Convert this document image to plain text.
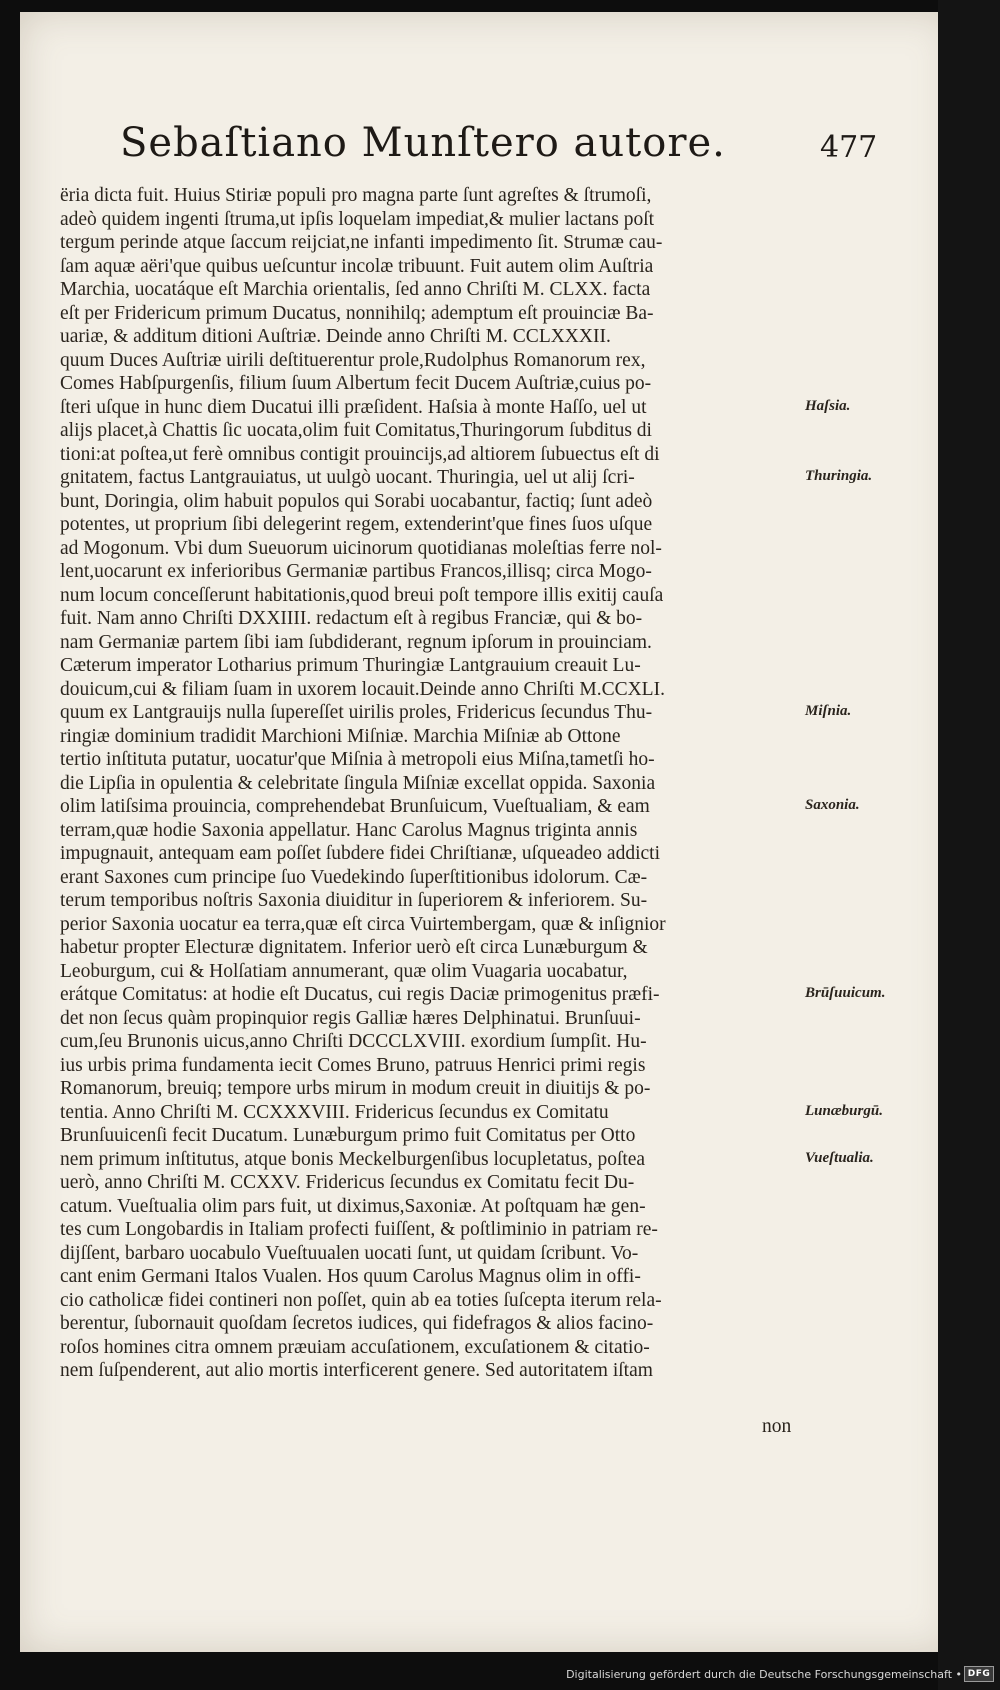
Sebaſtiano Munſtero autore.	477
ëria dicta fuit. Huius Stiriæ populi pro magna parte ſunt agreſtes & ſtrumoſi,
adeò quidem ingenti ſtruma,ut ipſis loquelam impediat,& mulier lactans poſt
tergum perinde atque ſaccum reijciat,ne infanti impedimento ſit. Strumæ cau-
ſam aquæ aëri'que quibus ueſcuntur incolæ tribuunt. Fuit autem olim Auſtria
Marchia, uocatáque eſt Marchia orientalis, ſed anno Chriſti M. CLXX. facta
eſt per Fridericum primum Ducatus, nonnihilq; ademptum eſt prouinciæ Ba-
uariæ, & additum ditioni Auſtriæ. Deinde anno Chriſti M. CCLXXXII.
quum Duces Auſtriæ uirili deſtituerentur prole,Rudolphus Romanorum rex,
Comes Habſpurgenſis, filium ſuum Albertum fecit Ducem Auſtriæ,cuius po-
ſteri uſque in hunc diem Ducatui illi præſident. Haſsia à monte Haſſo, uel ut
alijs placet,à Chattis ſic uocata,olim fuit Comitatus,Thuringorum ſubditus di
tioni:at poſtea,ut ferè omnibus contigit prouincijs,ad altiorem ſubuectus eſt di
gnitatem, factus Lantgrauiatus, ut uulgò uocant. Thuringia, uel ut alij ſcri-
bunt, Doringia, olim habuit populos qui Sorabi uocabantur, factiq; ſunt adeò
potentes, ut proprium ſibi delegerint regem, extenderint'que fines ſuos uſque
ad Mogonum. Vbi dum Sueuorum uicinorum quotidianas moleſtias ferre nol-
lent,uocarunt ex inferioribus Germaniæ partibus Francos,illisq; circa Mogo-
num locum conceſſerunt habitationis,quod breui poſt tempore illis exitij cauſa
fuit. Nam anno Chriſti DXXIIII. redactum eſt à regibus Franciæ, qui & bo-
nam Germaniæ partem ſibi iam ſubdiderant, regnum ipſorum in prouinciam.
Cæterum imperator Lotharius primum Thuringiæ Lantgrauium creauit Lu-
douicum,cui & filiam ſuam in uxorem locauit.Deinde anno Chriſti M.CCXLI.
quum ex Lantgrauijs nulla ſupereſſet uirilis proles, Fridericus ſecundus Thu-
ringiæ dominium tradidit Marchioni Miſniæ. Marchia Miſniæ ab Ottone
tertio inſtituta putatur, uocatur'que Miſnia à metropoli eius Miſna,tametſi ho-
die Lipſia in opulentia & celebritate ſingula Miſniæ excellat oppida. Saxonia
olim latiſsima prouincia, comprehendebat Brunſuicum, Vueſtualiam, & eam
terram,quæ hodie Saxonia appellatur. Hanc Carolus Magnus triginta annis
impugnauit, antequam eam poſſet ſubdere fidei Chriſtianæ, uſqueadeo addicti
erant Saxones cum principe ſuo Vuedekindo ſuperſtitionibus idolorum. Cæ-
terum temporibus noſtris Saxonia diuiditur in ſuperiorem & inferiorem. Su-
perior Saxonia uocatur ea terra,quæ eſt circa Vuirtembergam, quæ & inſignior
habetur propter Electuræ dignitatem. Inferior uerò eſt circa Lunæburgum &
Leoburgum, cui & Holſatiam annumerant, quæ olim Vuagaria uocabatur,
erátque Comitatus: at hodie eſt Ducatus, cui regis Daciæ primogenitus præfi-
det non ſecus quàm propinquior regis Galliæ hæres Delphinatui. Brunſuui-
cum,ſeu Brunonis uicus,anno Chriſti DCCCLXVIII. exordium ſumpſit. Hu-
ius urbis prima fundamenta iecit Comes Bruno, patruus Henrici primi regis
Romanorum, breuiq; tempore urbs mirum in modum creuit in diuitijs & po-
tentia. Anno Chriſti M. CCXXXVIII. Fridericus ſecundus ex Comitatu
Brunſuuicenſi fecit Ducatum. Lunæburgum primo fuit Comitatus per Otto
nem primum inſtitutus, atque bonis Meckelburgenſibus locupletatus, poſtea
uerò, anno Chriſti M. CCXXV. Fridericus ſecundus ex Comitatu fecit Du-
catum. Vueſtualia olim pars fuit, ut diximus,Saxoniæ. At poſtquam hæ gen-
tes cum Longobardis in Italiam profecti fuiſſent, & poſtliminio in patriam re-
dijſſent, barbaro uocabulo Vueſtuualen uocati ſunt, ut quidam ſcribunt. Vo-
cant enim Germani Italos Vualen. Hos quum Carolus Magnus olim in offi-
cio catholicæ fidei contineri non poſſet, quin ab ea toties ſuſcepta iterum rela-
berentur, ſubornauit quoſdam ſecretos iudices, qui fidefragos & alios facino-
roſos homines citra omnem præuiam accuſationem, excuſationem & citatio-
nem ſuſpenderent, aut alio mortis interficerent genere. Sed autoritatem iſtam
non
Haſsia.
Thuringia.
Miſnia.
Saxonia.
Brūſuuicum.
Lunæburgū.
Vueſtualia.
Digitalisierung gefördert durch die Deutsche Forschungsgemeinschaft • DFG
